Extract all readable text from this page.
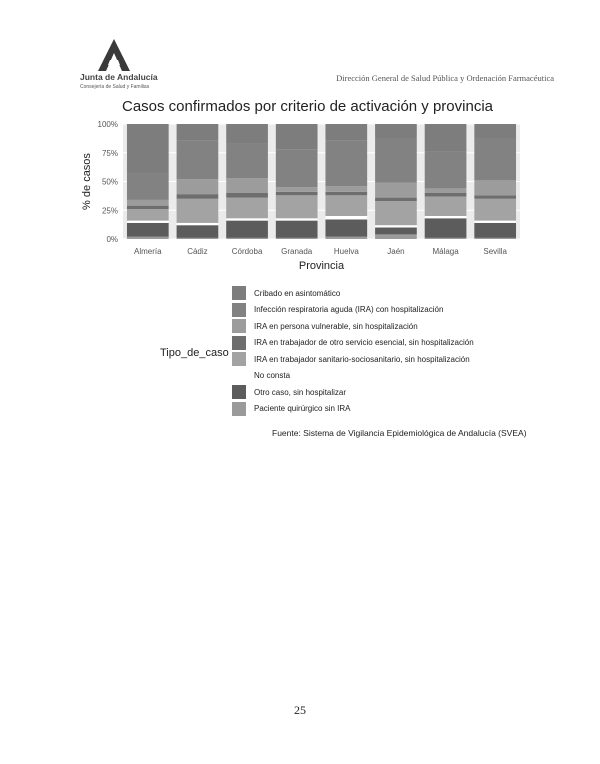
Junta de Andalucía
Consejería de Salud y Familias
Dirección General de Salud Pública y Ordenación Farmacéutica
Casos confirmados por criterio de activación y provincia
0%
25%
50%
75%
100%
Almería	Cádiz	Córdoba Granada	Huelva	Jaén	Málaga	Sevilla
Provincia
% de casos
Tipo_de_caso
Cribado en asintomático
Infección respiratoria aguda (IRA) con hospitalización
IRA en persona vulnerable, sin hospitalización
IRA en trabajador de otro servicio esencial, sin hospitalización
IRA en trabajador sanitario-sociosanitario, sin hospitalización
No consta
Otro caso, sin hospitalizar
Paciente quirúrgico sin IRA
Fuente: Sistema de Vigilancia Epidemiológica de Andalucía (SVEA)
25
